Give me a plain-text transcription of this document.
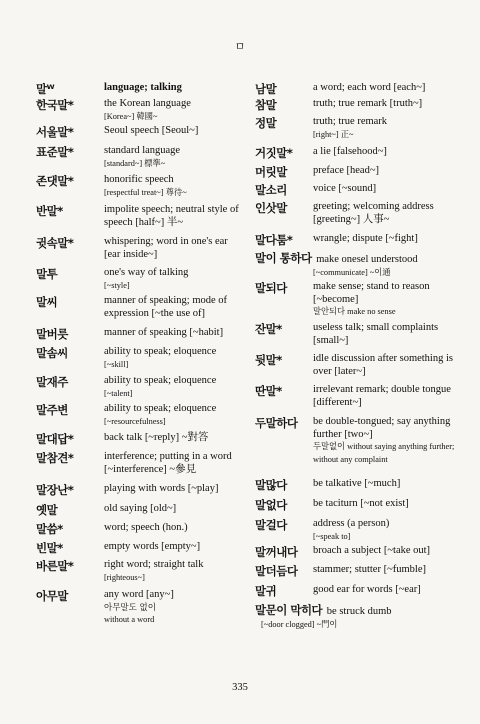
ㅁ
말ᵂ	language; talking
한국말*	the Korean language
[Korea~] 韓國~
서울말*	Seoul speech [Seoul~]
표준말*	standard language
[standard~] 標準~
존댓말*	honorific speech
[respectful treat~] 尊待~
반말*	impolite speech; neutral style of speech [half~] 半~
귓속말*	whispering; word in one's ear [ear inside~]
말투	one's way of talking
[~style]
말씨	manner of speaking; mode of expression [~the use of]
말버릇	manner of speaking [~habit]
말솜씨	ability to speak; eloquence
[~skill]
말재주	ability to speak; eloquence
[~talent]
말주변	ability to speak; eloquence
[~resourcefulness]
말대답*	back talk [~reply] ~對答
말참견*	interference; putting in a word [~interference] ~參見
말장난*	playing with words [~play]
옛말	old saying [old~]
말씀*	word; speech (hon.)
빈말*	empty words [empty~]
바른말*	right word; straight talk
[righteous~]
아무말	any word [any~]
아무말도 없이
without a word
남말	a word; each word [each~]
참말	truth; true remark [truth~]
정말	truth; true remark
[right~] 正~
거짓말*	a lie [falsehood~]
머릿말	preface [head~]
말소리	voice [~sound]
인삿말	greeting; welcoming address [greeting~] 人事~
말다툼*	wrangle; dispute [~fight]
말이 통하다 make onesel understood
[~communicate] ~이通
말되다	make sense; stand to reason [~become]
말안되다 make no sense
잔말*	useless talk; small complaints [small~]
뒷말*	idle discussion after something is over [later~]
딴말*	irrelevant remark; double tongue [different~]
두말하다	be double-tongued; say anything further [two~]
두말없이 without saying anything further; without any complaint
말많다	be talkative [~much]
말없다	be taciturn [~not exist]
말걸다	address (a person)
[~speak to]
말꺼내다	broach a subject [~take out]
말더듬다	stammer; stutter [~fumble]
말귀	good ear for words [~ear]
말문이 막히다 be struck dumb
[~door clogged] ~門이
335
